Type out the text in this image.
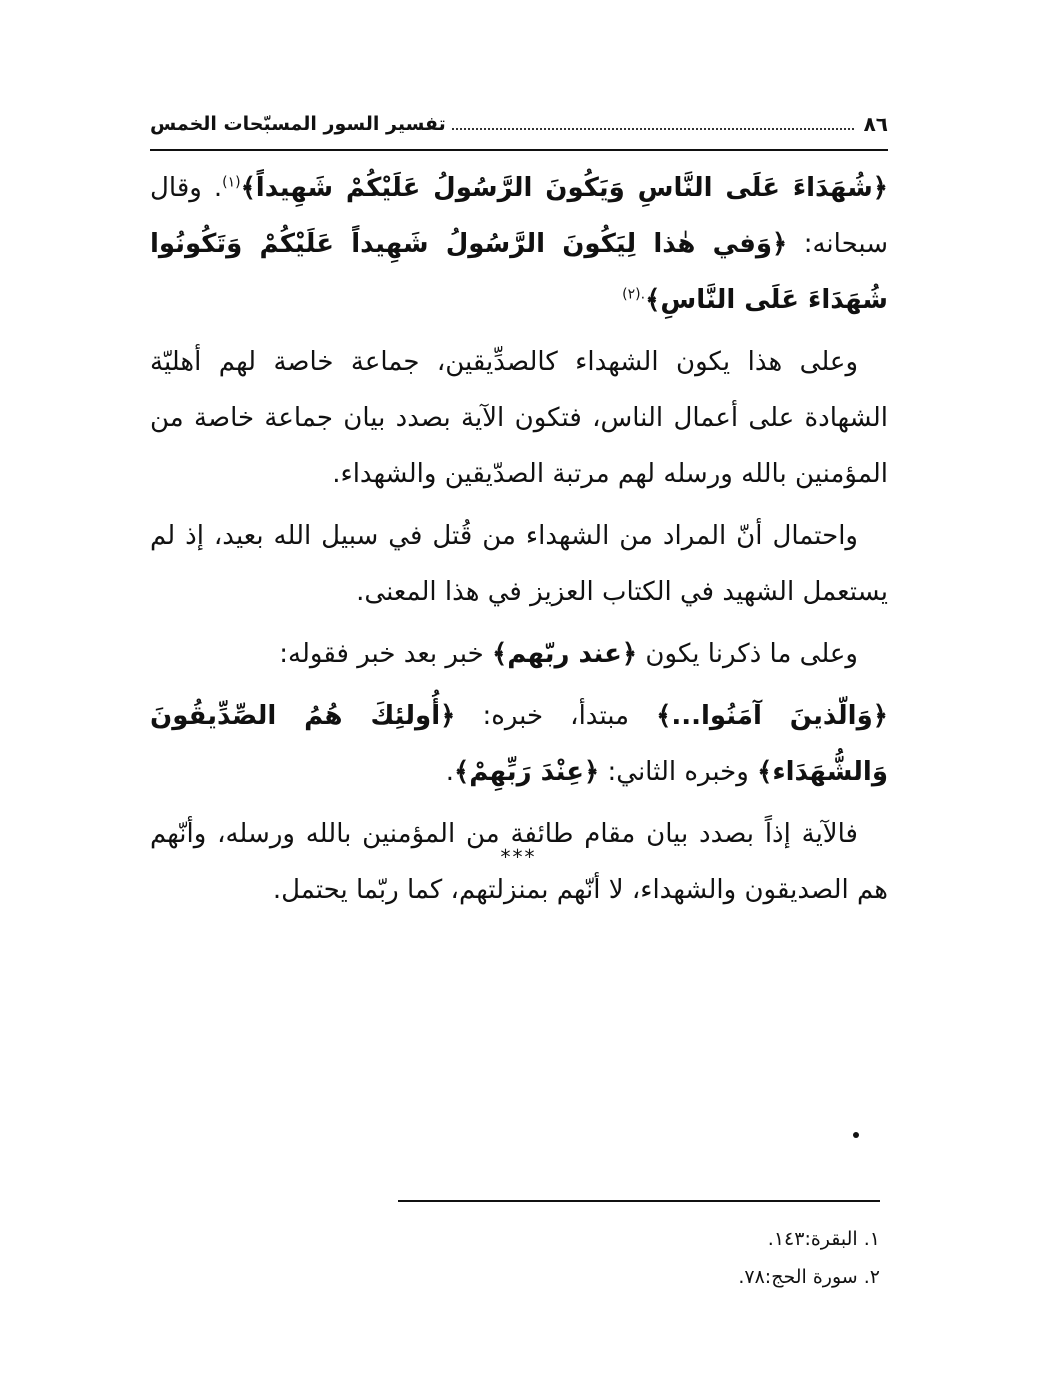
٨٦
تفسير السور المسبّحات الخمس

﴿شُهَدَاءَ عَلَى النَّاسِ وَيَكُونَ الرَّسُولُ عَلَيْكُمْ شَهِيداً﴾$^{(١)}$. وقال سبحانه: ﴿وَفي هٰذا لِيَكُونَ الرَّسُولُ شَهِيداً عَلَيْكُمْ وَتَكُونُوا شُهَدَاءَ عَلَى النَّاسِ﴾$^{.(٢)}$

وعلى هذا يكون الشهداء كالصدِّيقين، جماعة خاصة لهم أهليّة الشهادة على أعمال الناس، فتكون الآية بصدد بيان جماعة خاصة من المؤمنين بالله ورسله لهم مرتبة الصدّيقين والشهداء.

واحتمال أنّ المراد من الشهداء من قُتل في سبيل الله بعيد، إذ لم يستعمل الشهيد في الكتاب العزيز في هذا المعنى.

وعلى ما ذكرنا يكون ﴿عند ربّهم﴾ خبر بعد خبر فقوله:

﴿وَالّذينَ آمَنُوا...﴾ مبتدأ، خبره: ﴿أُولئِكَ هُمُ الصِّدِّيقُونَ وَالشُّهَدَاء﴾ وخبره الثاني: ﴿عِنْدَ رَبِّهِمْ﴾.

فالآية إذاً بصدد بيان مقام طائفة من المؤمنين بالله ورسله، وأنّهم هم الصديقون والشهداء، لا أنّهم بمنزلتهم، كما ربّما يحتمل.

***
١. البقرة:١٤٣.
٢. سورة الحج:٧٨.
